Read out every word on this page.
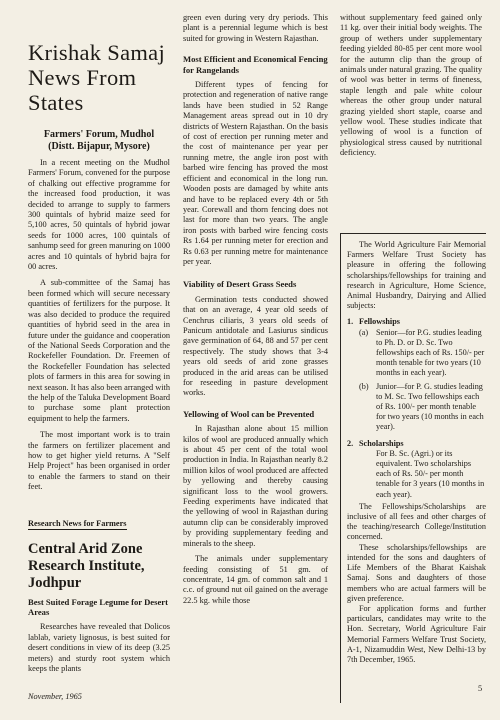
Krishak Samaj
News From States
Farmers' Forum, Mudhol
(Distt. Bijapur, Mysore)

In a recent meeting on the Mudhol Farmers' Forum, convened for the purpose of chalking out effective programme for the increased food production, it was decided to arrange to supply to farmers 300 quintals of hybrid maize seed for 5,100 acres, 50 quintals of hybrid jowar seeds for 1000 acres, 100 quintals of sanhump seed for green manuring on 1000 acres and 10 quintals of hybrid bajra for 00 acres.

A sub-committee of the Samaj has been formed which will secure necessary quantities of fertilizers for the purpose. It was also decided to produce the required quantities of hybrid seed in the area in future under the guidance and cooperation of the National Seeds Corporation and the Rockefeller Foundation. Dr. Freemen of the Rockefeller Foundation has selected plots of farmers in this area for sowing in next season. It has also been arranged with the help of the Taluka Development Board to purchase some plant protection equipment to help the farmers.

The most important work is to train the farmers on fertilizer placement and how to get higher yield returns. A "Self Help Project" has been organised in order to enable the farmers to stand on their feet.

Research News for Farmers
Central Arid Zone Research Institute, Jodhpur
Best Suited Forage Legume for Desert Areas

Researches have revealed that Dolicos lablab, variety lignosus, is best suited for desert conditions in view of its deep (3.25 meters) and sturdy root system which keeps the plants

green even during very dry periods. This plant is a perennial legume which is best suited for growing in Western Rajasthan.

Most Efficient and Economical Fencing for Rangelands

Different types of fencing for protection and regeneration of native range lands have been studied in 52 Range Management areas spread out in 10 dry districts of Western Rajasthan. On the basis of cost of erection per running meter and the cost of maintenance per year per running metre, the angle iron post with barbed wire fencing has proved the most efficient and economical in the long run. Wooden posts are damaged by white ants and have to be replaced every 4th or 5th year. Corewall and thorn fencing does not last for more than two years. The angle iron posts with barbed wire fencing costs Rs 1.64 per running meter for erection and Rs 0.63 per running metre for maintenance per year.

Viability of Desert Grass Seeds

Germination tests conducted showed that on an average, 4 year old seeds of Cenchrus ciliaris, 3 years old seeds of Panicum antidotale and Lasiurus sindicus gave germination of 64, 88 and 57 per cent respectively. The study shows that 3-4 years old seeds of arid zone grasses produced in the arid areas can be utilised for reseeding in pasture development works.

Yellowing of Wool can be Prevented

In Rajasthan alone about 15 million kilos of wool are produced annually which is about 45 per cent of the total wool production in India. In Rajasthan nearly 8.2 million kilos of wool produced are affected by yellowing and thereby causing significant loss to the wool growers. Feeding experiments have indicated that the yellowing of wool in Rajasthan during autumn clip can be considerably improved by providing supplementary feeding and minerals to the sheep.

The animals under supplementary feeding consisting of 51 gm. of concentrate, 14 gm. of common salt and 1 c.c. of ground nut oil gained on the average 22.5 kg. while those

without supplementary feed gained only 11 kg. over their initial body weights. The group of wethers under supplementary feeding yielded 80-85 per cent more wool for the autumn clip than the group of animals under natural grazing. The quality of wool was better in terms of fineness, staple length and pale white colour whereas the other group under natural grazing yielded short staple, coarse and yellow wool. These studies indicate that yellowing of wool is a function of physiological stress caused by nutritional deficiency.

The World Agriculture Fair Memorial Farmers Welfare Trust Society has pleasure in offering the following scholarships/fellowships for training and research in Agriculture, Home Science, Animal Husbandry, Dairying and Allied subjects:

1. Fellowships
(a) Senior—for P.G. studies leading to Ph. D. or D. Sc. Two fellowships each of Rs. 150/- per month tenable for two years (10 months in each year).
(b) Junior—for P. G. studies leading to M. Sc. Two fellowships each of Rs. 100/- per month tenable for two years (10 months in each year).
2. Scholarships
For B. Sc. (Agri.) or its equivalent. Two scholarships each of Rs. 50/- per month tenable for 3 years (10 months in each year).

The Fellowships/Scholarships are inclusive of all fees and other charges of the teaching/research College/Institution concerned.

These scholarships/fellowships are intended for the sons and daughters of Life Members of the Bharat Kaishak Samaj. Sons and daughters of those members who are actual farmers will be given preference.

For application forms and further particulars, candidates may write to the Hon. Secretary, World Agriculture Fair Memorial Farmers Welfare Trust Society, A-1, Nizamuddin West, New Delhi-13 by 7th December, 1965.

November, 1965
5
